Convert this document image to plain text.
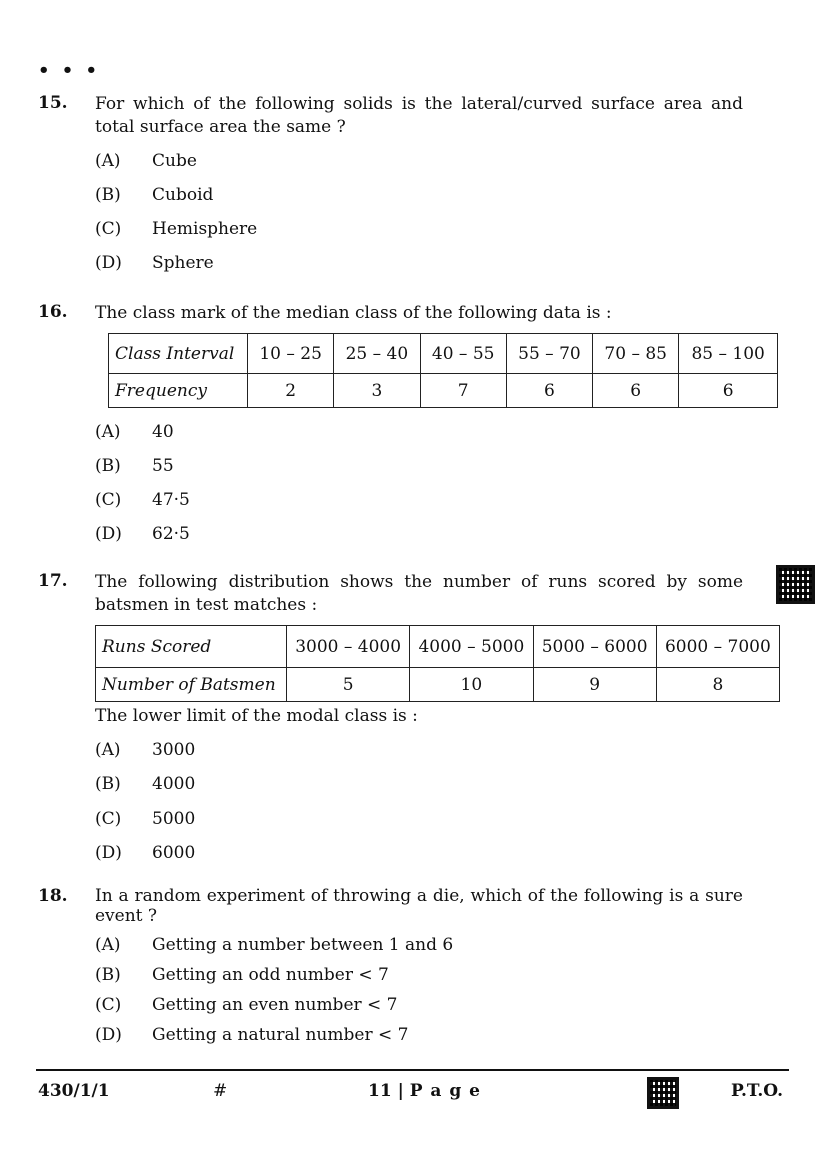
• • •
15. For which of the following solids is the lateral/curved surface area and total surface area the same ?
(A) Cube
(B) Cuboid
(C) Hemisphere
(D) Sphere
16. The class mark of the median class of the following data is :
Class Interval	10 – 25	25 – 40	40 – 55	55 – 70	70 – 85	85 – 100
Frequency	2	3	7	6	6	6
(A) 40
(B) 55
(C) 47·5
(D) 62·5
17. The following distribution shows the number of runs scored by some batsmen in test matches :
Runs Scored	3000 – 4000	4000 – 5000	5000 – 6000	6000 – 7000
Number of Batsmen	5	10	9	8
The lower limit of the modal class is :
(A) 3000
(B) 4000
(C) 5000
(D) 6000
18. In a random experiment of throwing a die, which of the following is a sure event ?
(A) Getting a number between 1 and 6
(B) Getting an odd number < 7
(C) Getting an even number < 7
(D) Getting a natural number < 7
430/1/1	#	11 | P a g e	P.T.O.
